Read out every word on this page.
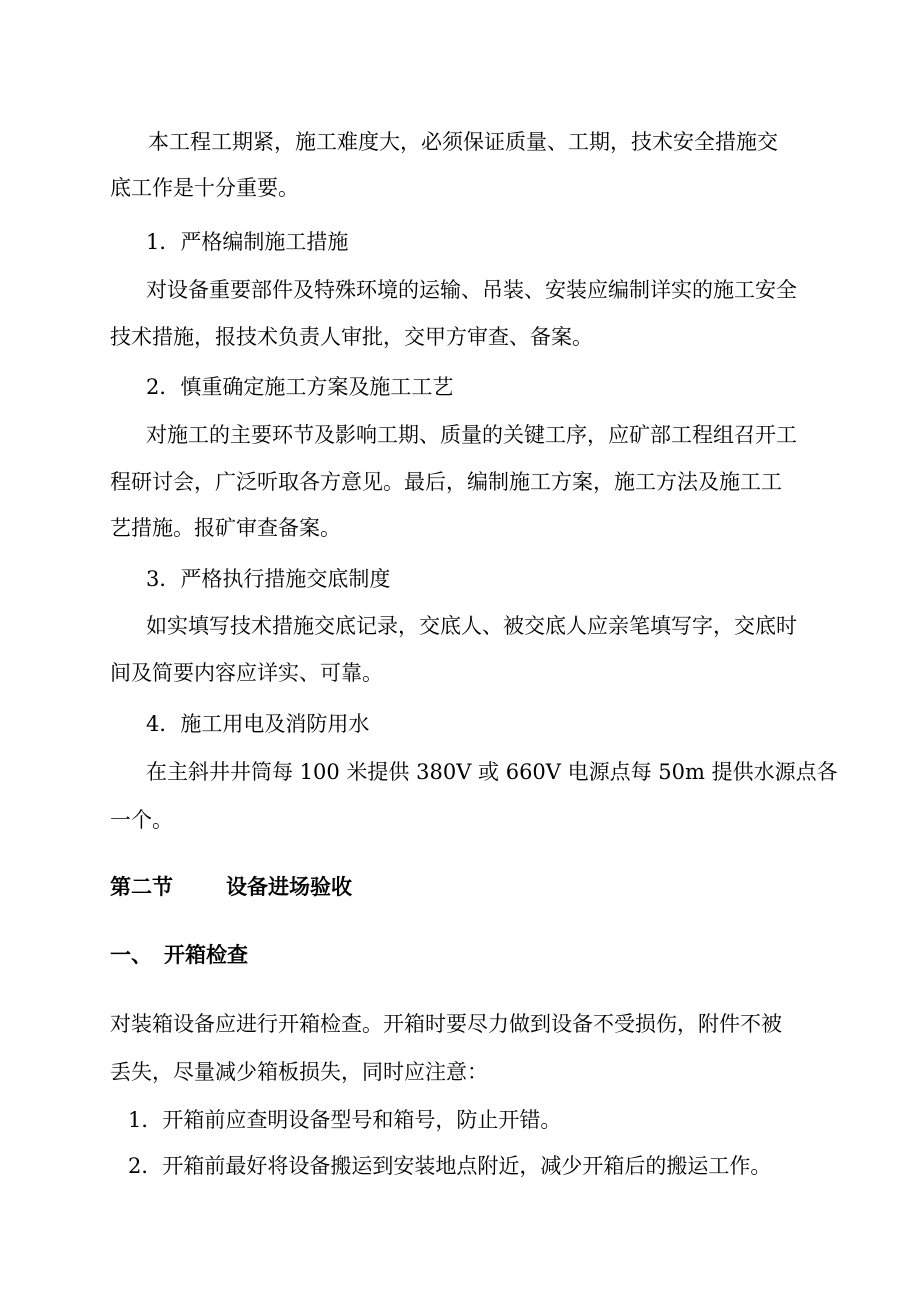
本工程工期紧，施工难度大，必须保证质量、工期，技术安全措施交

底工作是十分重要。

1．严格编制施工措施

对设备重要部件及特殊环境的运输、吊装、安装应编制详实的施工安全

技术措施，报技术负责人审批，交甲方审查、备案。

2．慎重确定施工方案及施工工艺

对施工的主要环节及影响工期、质量的关键工序，应矿部工程组召开工

程研讨会，广泛听取各方意见。最后，编制施工方案，施工方法及施工工

艺措施。报矿审查备案。

3．严格执行措施交底制度

如实填写技术措施交底记录，交底人、被交底人应亲笔填写字，交底时

间及简要内容应详实、可靠。

4．施工用电及消防用水

在主斜井井筒每 100 米提供 380V 或 660V 电源点每 50m 提供水源点各

一个。

第二节	设备进场验收
一、 开箱检查

对装箱设备应进行开箱检查。开箱时要尽力做到设备不受损伤，附件不被

丢失，尽量减少箱板损失，同时应注意：

1．开箱前应查明设备型号和箱号，防止开错。

2．开箱前最好将设备搬运到安装地点附近，减少开箱后的搬运工作。
